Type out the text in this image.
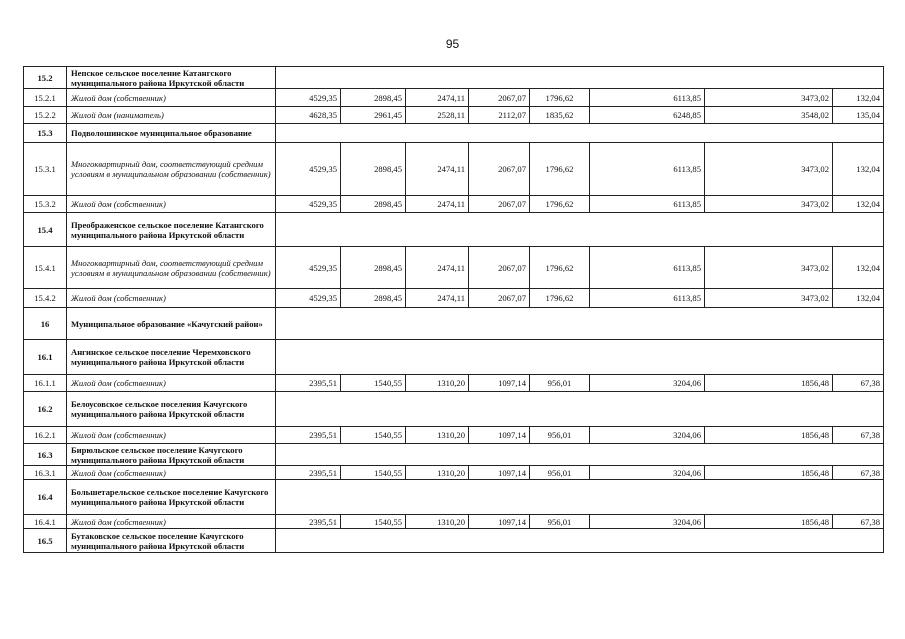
95
15.2	Непское сельское поселение Катангского муниципального района Иркутской области								
15.2.1	Жилой дом (собственник)	4529,35	2898,45	2474,11	2067,07	1796,62	6113,85	3473,02	132,04
15.2.2	Жилой дом (наниматель)	4628,35	2961,45	2528,11	2112,07	1835,62	6248,85	3548,02	135,04
15.3	Подволошинское муниципальное образование								
15.3.1	Многоквартирный дом, соответствующий средним условиям в муниципальном образовании (собственник)	4529,35	2898,45	2474,11	2067,07	1796,62	6113,85	3473,02	132,04
15.3.2	Жилой дом (собственник)	4529,35	2898,45	2474,11	2067,07	1796,62	6113,85	3473,02	132,04
15.4	Преображенское сельское поселение Катангского муниципального района Иркутской области								
15.4.1	Многоквартирный дом, соответствующий средним условиям в муниципальном образовании (собственник)	4529,35	2898,45	2474,11	2067,07	1796,62	6113,85	3473,02	132,04
15.4.2	Жилой дом (собственник)	4529,35	2898,45	2474,11	2067,07	1796,62	6113,85	3473,02	132,04
16	Муниципальное образование «Качугский район»								
16.1	Ангинское сельское поселение Черемховского муниципального района Иркутской области								
16.1.1	Жилой дом (собственник)	2395,51	1540,55	1310,20	1097,14	956,01	3204,06	1856,48	67,38
16.2	Белоусовское сельское поселения Качугского муниципального района Иркутской области								
16.2.1	Жилой дом (собственник)	2395,51	1540,55	1310,20	1097,14	956,01	3204,06	1856,48	67,38
16.3	Бирюльское сельское поселение Качугского муниципального района Иркутской области								
16.3.1	Жилой дом (собственник)	2395,51	1540,55	1310,20	1097,14	956,01	3204,06	1856,48	67,38
16.4	Большетарельское сельское поселение Качугского муниципального района Иркутской области								
16.4.1	Жилой дом (собственник)	2395,51	1540,55	1310,20	1097,14	956,01	3204,06	1856,48	67,38
16.5	Бутаковское сельское поселение Качугского муниципального района Иркутской области								
